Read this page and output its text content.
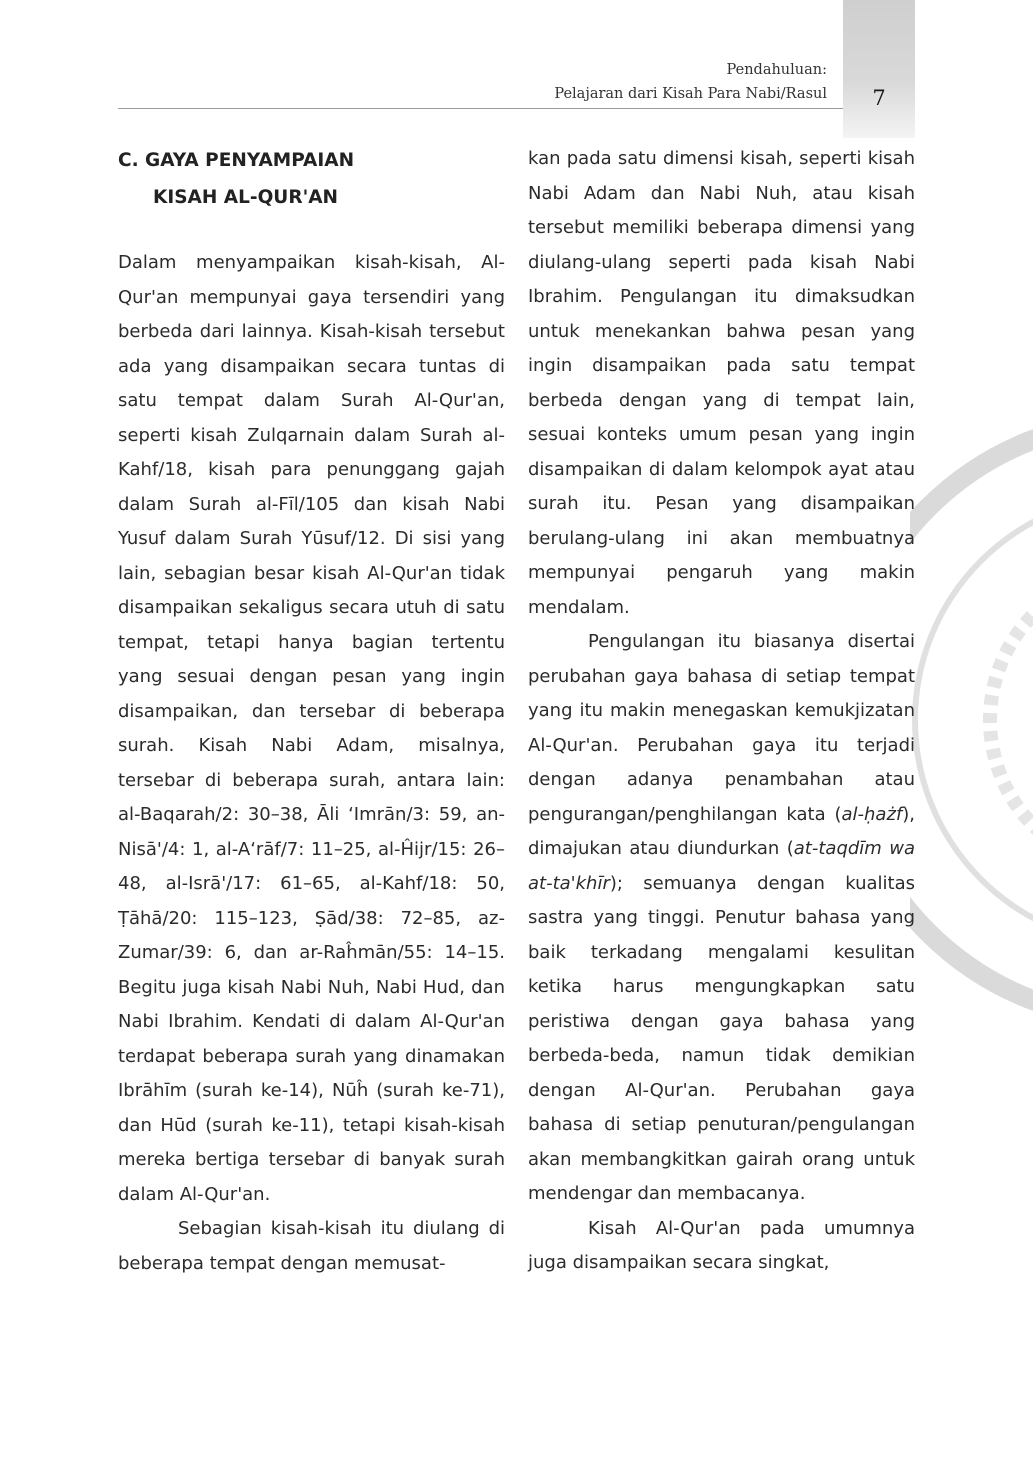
7
Pendahuluan:
Pelajaran dari Kisah Para Nabi/Rasul
C. GAYA PENYAMPAIAN
KISAH AL-QUR'AN

Dalam menyampaikan kisah-kisah, Al-Qur'an mempunyai gaya tersendiri yang berbeda dari lainnya. Kisah-kisah tersebut ada yang disampaikan secara tuntas di satu tempat dalam Surah Al-Qur'an, seperti kisah Zulqarnain dalam Surah al-Kahf/18, kisah para penunggang gajah dalam Surah al-Fīl/105 dan kisah Nabi Yusuf dalam Surah Yūsuf/12. Di sisi yang lain, sebagian besar kisah Al-Qur'an tidak disampaikan sekaligus secara utuh di satu tempat, tetapi hanya bagian tertentu yang sesuai dengan pesan yang ingin disampaikan, dan tersebar di beberapa surah. Kisah Nabi Adam, misalnya, tersebar di beberapa surah, antara lain: al-Baqarah/2: 30–38, Āli ‘Imrān/3: 59, an-Nisā'/4: 1, al-A‘rāf/7: 11–25, al-Ĥijr/15: 26–48, al-Isrā'/17: 61–65, al-Kahf/18: 50, Ṭāhā/20: 115–123, Ṣād/38: 72–85, az-Zumar/39: 6, dan ar-Raĥmān/55: 14–15. Begitu juga kisah Nabi Nuh, Nabi Hud, dan Nabi Ibrahim. Kendati di dalam Al-Qur'an terdapat beberapa surah yang dinamakan Ibrāhīm (surah ke-14), Nūĥ (surah ke-71), dan Hūd (surah ke-11), tetapi kisah-kisah mereka bertiga tersebar di banyak surah dalam Al-Qur'an.

Sebagian kisah-kisah itu diulang di beberapa tempat dengan memusat-

kan pada satu dimensi kisah, seperti kisah Nabi Adam dan Nabi Nuh, atau kisah tersebut memiliki beberapa dimensi yang diulang-ulang seperti pada kisah Nabi Ibrahim. Pengulangan itu dimaksudkan untuk menekankan bahwa pesan yang ingin disampaikan pada satu tempat berbeda dengan yang di tempat lain, sesuai konteks umum pesan yang ingin disampaikan di dalam kelompok ayat atau surah itu. Pesan yang disampaikan berulang-ulang ini akan membuatnya mempunyai pengaruh yang makin mendalam.

Pengulangan itu biasanya disertai perubahan gaya bahasa di setiap tempat yang itu makin menegaskan kemukjizatan Al-Qur'an. Perubahan gaya itu terjadi dengan adanya penambahan atau pengurangan/penghilangan kata (al-ḥażf), dimajukan atau diundurkan (at-taqdīm wa at-ta'khīr); semuanya dengan kualitas sastra yang tinggi. Penutur bahasa yang baik terkadang mengalami kesulitan ketika harus mengungkapkan satu peristiwa dengan gaya bahasa yang berbeda-beda, namun tidak demikian dengan Al-Qur'an. Perubahan gaya bahasa di setiap penuturan/pengulangan akan membangkitkan gairah orang untuk mendengar dan membacanya.

Kisah Al-Qur'an pada umumnya juga disampaikan secara singkat,
